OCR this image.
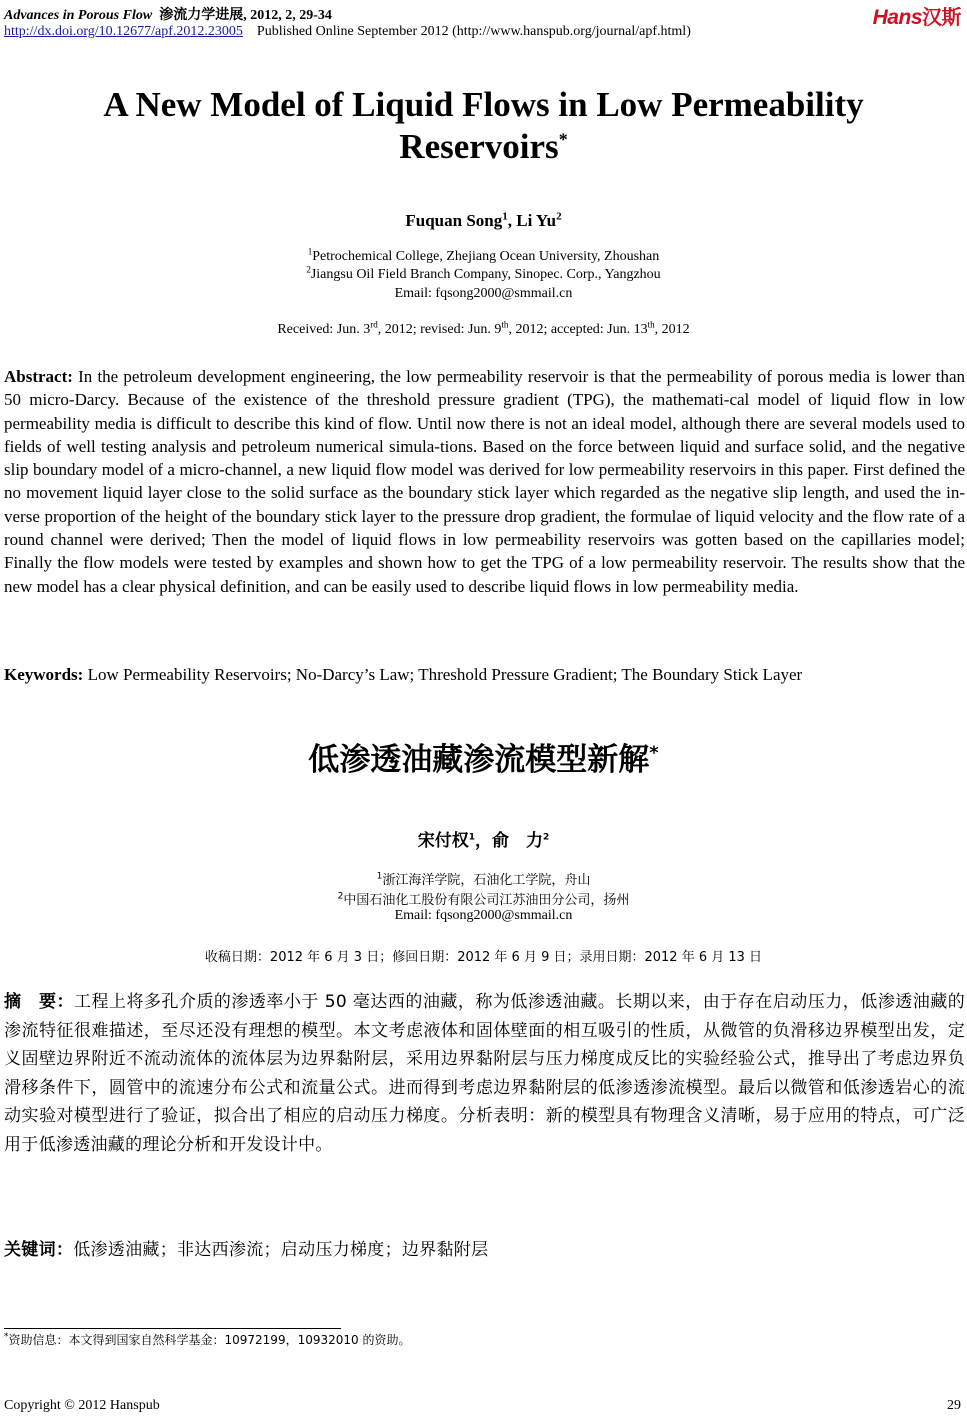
Advances in Porous Flow 渗流力学进展, 2012, 2, 29-34
http://dx.doi.org/10.12677/apf.2012.23005 Published Online September 2012 (http://www.hanspub.org/journal/apf.html)
Hans汉斯
A New Model of Liquid Flows in Low Permeability
Reservoirs*
Fuquan Song$^1$, Li Yu$^2$
$^1$Petrochemical College, Zhejiang Ocean University, Zhoushan
$^2$Jiangsu Oil Field Branch Company, Sinopec. Corp., Yangzhou
Email: fqsong2000@smmail.cn
Received: Jun. 3rd, 2012; revised: Jun. 9th, 2012; accepted: Jun. 13th, 2012
Abstract: In the petroleum development engineering, the low permeability reservoir is that the permeability of porous media is lower than 50 micro-Darcy. Because of the existence of the threshold pressure gradient (TPG), the mathemati-cal model of liquid flow in low permeability media is difficult to describe this kind of flow. Until now there is not an ideal model, although there are several models used to fields of well testing analysis and petroleum numerical simula-tions. Based on the force between liquid and surface solid, and the negative slip boundary model of a micro-channel, a new liquid flow model was derived for low permeability reservoirs in this paper. First defined the no movement liquid layer close to the solid surface as the boundary stick layer which regarded as the negative slip length, and used the in-verse proportion of the height of the boundary stick layer to the pressure drop gradient, the formulae of liquid velocity and the flow rate of a round channel were derived; Then the model of liquid flows in low permeability reservoirs was gotten based on the capillaries model; Finally the flow models were tested by examples and shown how to get the TPG of a low permeability reservoir. The results show that the new model has a clear physical definition, and can be easily used to describe liquid flows in low permeability media.
Keywords: Low Permeability Reservoirs; No-Darcy’s Law; Threshold Pressure Gradient; The Boundary Stick Layer
低渗透油藏渗流模型新解*
宋付权$^1$，俞　力$^2$
$^1$浙江海洋学院，石油化工学院，舟山
$^2$中国石油化工股份有限公司江苏油田分公司，扬州
Email: fqsong2000@smmail.cn
收稿日期：2012 年 6 月 3 日；修回日期：2012 年 6 月 9 日；录用日期：2012 年 6 月 13 日
摘　要：工程上将多孔介质的渗透率小于 50 毫达西的油藏，称为低渗透油藏。长期以来，由于存在启动压力，低渗透油藏的渗流特征很难描述，至尽还没有理想的模型。本文考虑液体和固体壁面的相互吸引的性质，从微管的负滑移边界模型出发，定义固壁边界附近不流动流体的流体层为边界黏附层，采用边界黏附层与压力梯度成反比的实验经验公式，推导出了考虑边界负滑移条件下，圆管中的流速分布公式和流量公式。进而得到考虑边界黏附层的低渗透渗流模型。最后以微管和低渗透岩心的流动实验对模型进行了验证，拟合出了相应的启动压力梯度。分析表明：新的模型具有物理含义清晰，易于应用的特点，可广泛用于低渗透油藏的理论分析和开发设计中。
关键词：低渗透油藏；非达西渗流；启动压力梯度；边界黏附层
*资助信息：本文得到国家自然科学基金：10972199，10932010 的资助。
Copyright © 2012 Hanspub	29
